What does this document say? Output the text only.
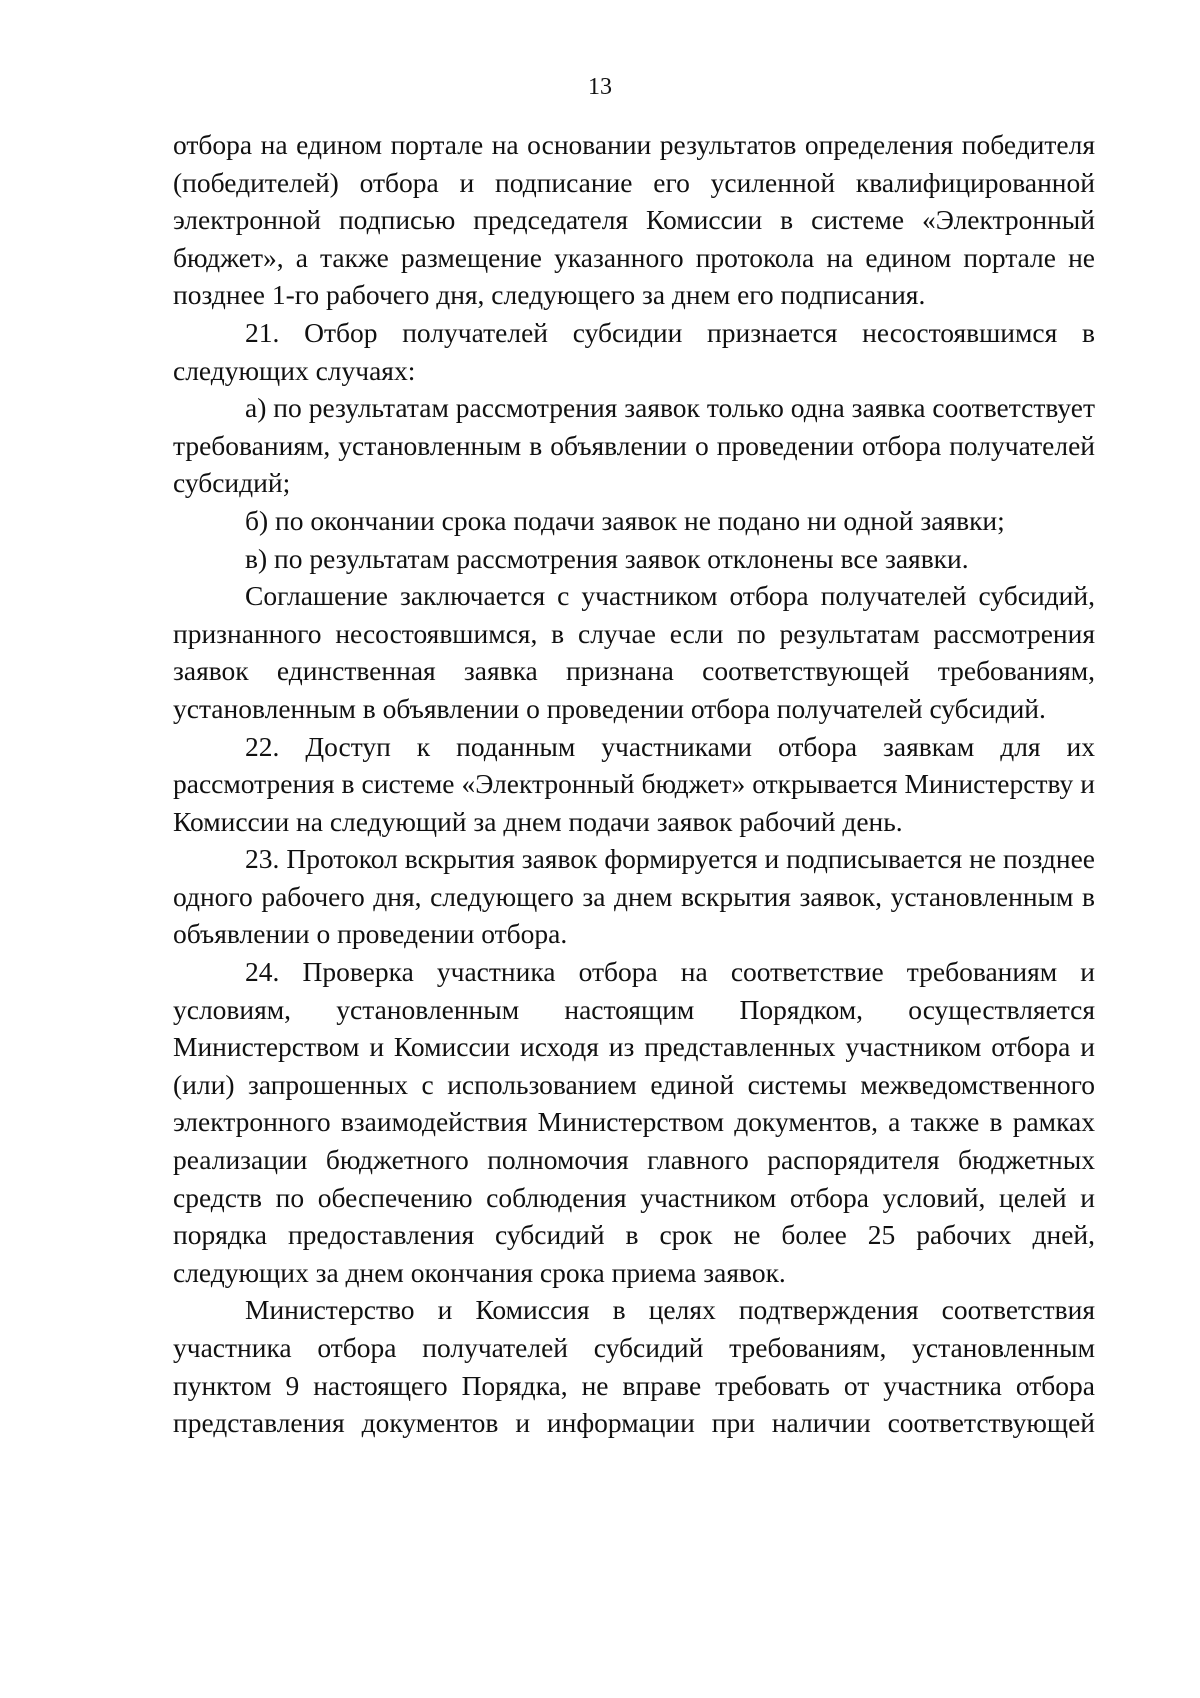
13

отбора на едином портале на основании результатов определения победителя (победителей) отбора и подписание его усиленной квалифицированной электронной подписью председателя Комиссии в системе «Электронный бюджет», а также размещение указанного протокола на едином портале не позднее 1-го рабочего дня, следующего за днем его подписания.

21. Отбор получателей субсидии признается несостоявшимся в следующих случаях:

а) по результатам рассмотрения заявок только одна заявка соответствует требованиям, установленным в объявлении о проведении отбора получателей субсидий;

б) по окончании срока подачи заявок не подано ни одной заявки;

в) по результатам рассмотрения заявок отклонены все заявки.

Соглашение заключается с участником отбора получателей субсидий, признанного несостоявшимся, в случае если по результатам рассмотрения заявок единственная заявка признана соответствующей требованиям, установленным в объявлении о проведении отбора получателей субсидий.

22. Доступ к поданным участниками отбора заявкам для их рассмотрения в системе «Электронный бюджет» открывается Министерству и Комиссии на следующий за днем подачи заявок рабочий день.

23. Протокол вскрытия заявок формируется и подписывается не позднее одного рабочего дня, следующего за днем вскрытия заявок, установленным в объявлении о проведении отбора.

24. Проверка участника отбора на соответствие требованиям и условиям, установленным настоящим Порядком, осуществляется Министерством и Комиссии исходя из представленных участником отбора и (или) запрошенных с использованием единой системы межведомственного электронного взаимодействия Министерством документов, а также в рамках реализации бюджетного полномочия главного распорядителя бюджетных средств по обеспечению соблюдения участником отбора условий, целей и порядка предоставления субсидий в срок не более 25 рабочих дней, следующих за днем окончания срока приема заявок.

Министерство и Комиссия в целях подтверждения соответствия участника отбора получателей субсидий требованиям, установленным пунктом 9 настоящего Порядка, не вправе требовать от участника отбора представления документов и информации при наличии соответствующей
